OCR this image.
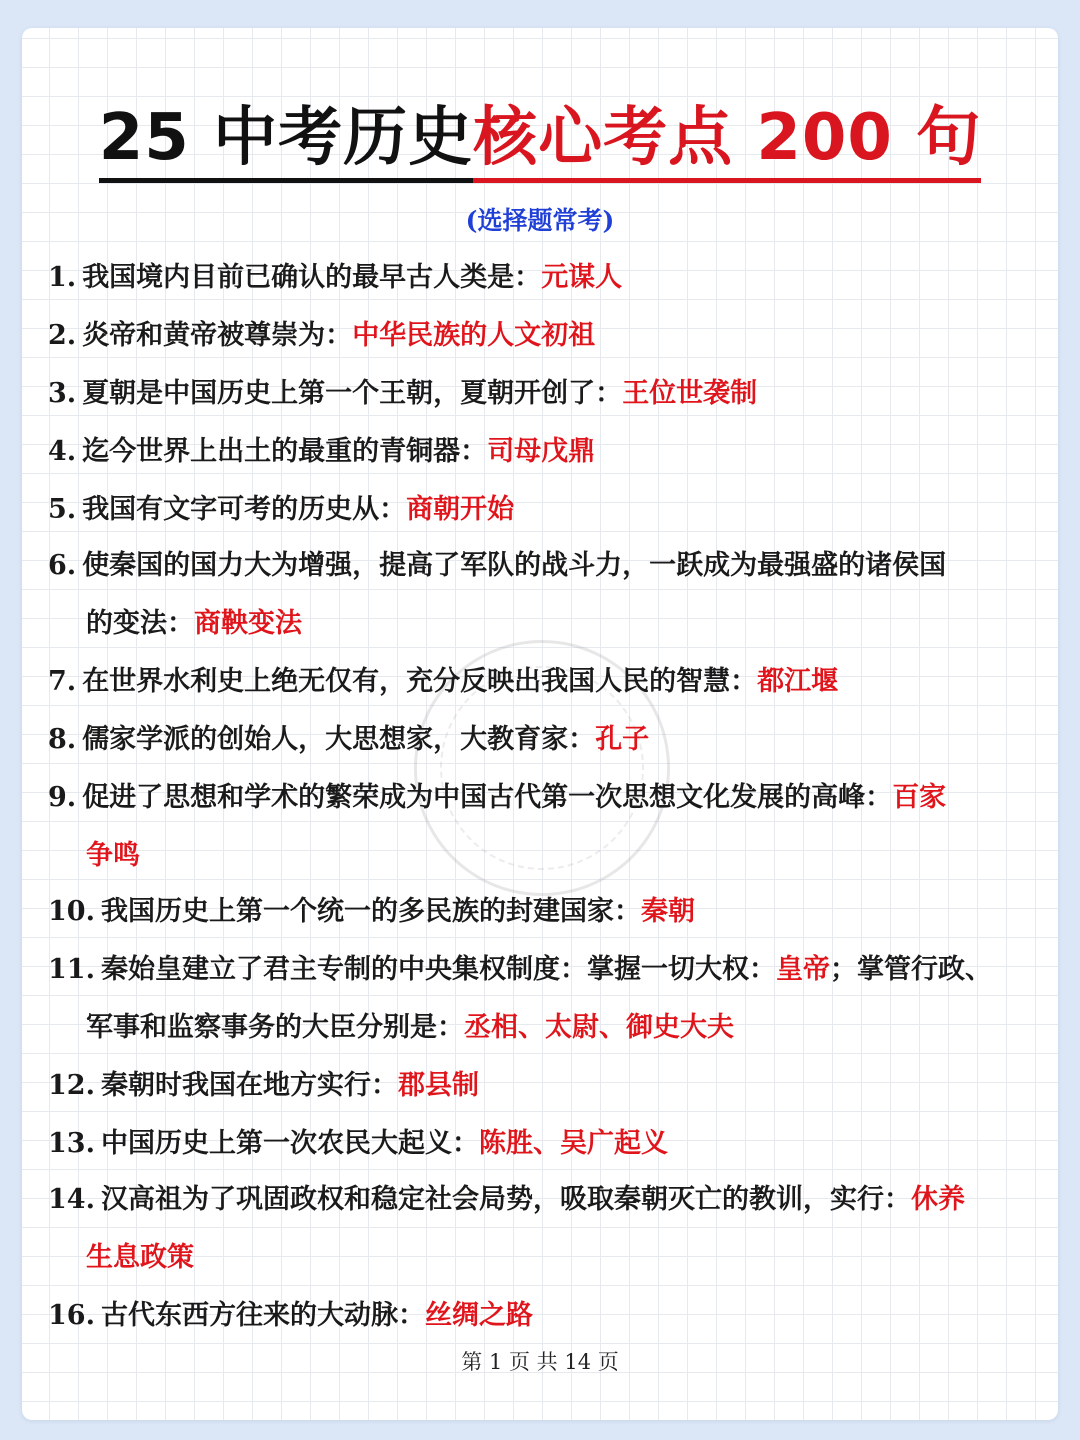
25 中考历史核心考点 200 句
(选择题常考)
1. 我国境内目前已确认的最早古人类是：元谋人
2. 炎帝和黄帝被尊崇为：中华民族的人文初祖
3. 夏朝是中国历史上第一个王朝，夏朝开创了：王位世袭制
4. 迄今世界上出土的最重的青铜器：司母戊鼎
5. 我国有文字可考的历史从：商朝开始
6. 使秦国的国力大为增强，提高了军队的战斗力，一跃成为最强盛的诸侯国
的变法：商鞅变法
7. 在世界水利史上绝无仅有，充分反映出我国人民的智慧：都江堰
8. 儒家学派的创始人，大思想家，大教育家：孔子
9. 促进了思想和学术的繁荣成为中国古代第一次思想文化发展的高峰：百家
争鸣
10. 我国历史上第一个统一的多民族的封建国家：秦朝
11. 秦始皇建立了君主专制的中央集权制度：掌握一切大权：皇帝；掌管行政、
军事和监察事务的大臣分别是：丞相、太尉、御史大夫
12. 秦朝时我国在地方实行：郡县制
13. 中国历史上第一次农民大起义：陈胜、吴广起义
14. 汉高祖为了巩固政权和稳定社会局势，吸取秦朝灭亡的教训，实行：休养
生息政策
16. 古代东西方往来的大动脉：丝绸之路
第 1 页 共 14 页
